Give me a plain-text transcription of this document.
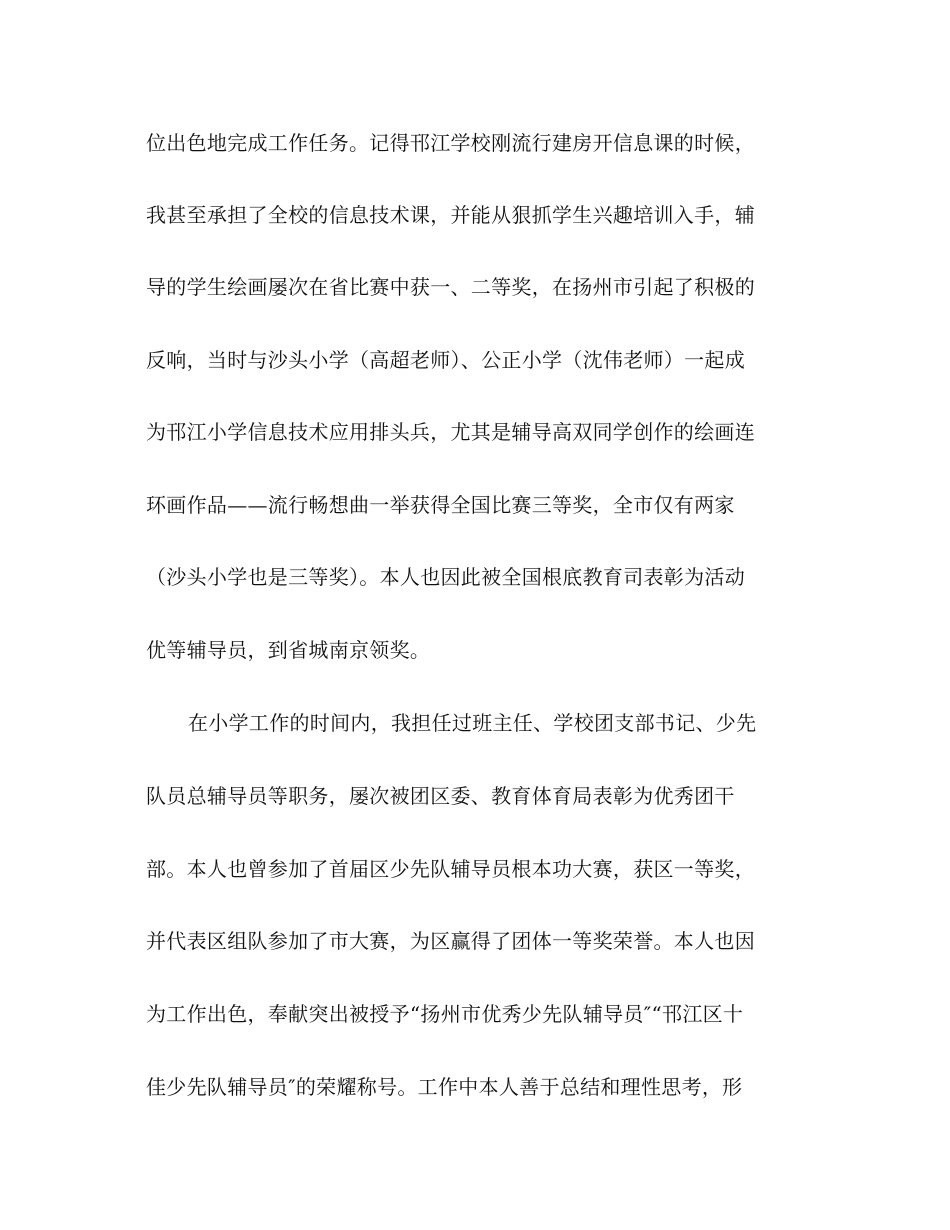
位出色地完成工作任务。记得邗江学校刚流行建房开信息课的时候，
我甚至承担了全校的信息技术课，并能从狠抓学生兴趣培训入手，辅
导的学生绘画屡次在省比赛中获一、二等奖，在扬州市引起了积极的
反响，当时与沙头小学（高超老师）、公正小学（沈伟老师）一起成
为邗江小学信息技术应用排头兵，尤其是辅导高双同学创作的绘画连
环画作品——流行畅想曲一举获得全国比赛三等奖，全市仅有两家
（沙头小学也是三等奖）。本人也因此被全国根底教育司表彰为活动
优等辅导员，到省城南京领奖。
在小学工作的时间内，我担任过班主任、学校团支部书记、少先
队员总辅导员等职务，屡次被团区委、教育体育局表彰为优秀团干
部。本人也曾参加了首届区少先队辅导员根本功大赛，获区一等奖，
并代表区组队参加了市大赛，为区赢得了团体一等奖荣誉。本人也因
为工作出色，奉献突出被授予“扬州市优秀少先队辅导员″“邗江区十
佳少先队辅导员″的荣耀称号。工作中本人善于总结和理性思考，形
